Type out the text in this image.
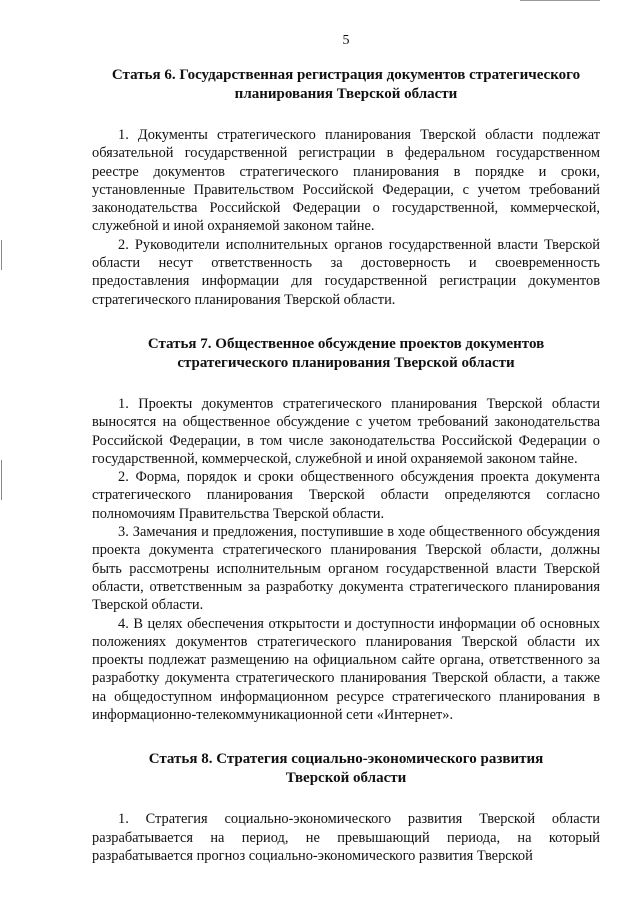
5
Статья 6. Государственная регистрация документов стратегического
планирования Тверской области

1. Документы стратегического планирования Тверской области подлежат обязательной государственной регистрации в федеральном государственном реестре документов стратегического планирования в порядке и сроки, установленные Правительством Российской Федерации, с учетом требований законодательства Российской Федерации о государственной, коммерческой, служебной и иной охраняемой законом тайне.

2. Руководители исполнительных органов государственной власти Тверской области несут ответственность за достоверность и своевременность предоставления информации для государственной регистрации документов стратегического планирования Тверской области.

Статья 7. Общественное обсуждение проектов документов
стратегического планирования Тверской области

1. Проекты документов стратегического планирования Тверской области выносятся на общественное обсуждение с учетом требований законодательства Российской Федерации, в том числе законодательства Российской Федерации о государственной, коммерческой, служебной и иной охраняемой законом тайне.

2. Форма, порядок и сроки общественного обсуждения проекта документа стратегического планирования Тверской области определяются согласно полномочиям Правительства Тверской области.

3. Замечания и предложения, поступившие в ходе общественного обсуждения проекта документа стратегического планирования Тверской области, должны быть рассмотрены исполнительным органом государственной власти Тверской области, ответственным за разработку документа стратегического планирования Тверской области.

4. В целях обеспечения открытости и доступности информации об основных положениях документов стратегического планирования Тверской области их проекты подлежат размещению на официальном сайте органа, ответственного за разработку документа стратегического планирования Тверской области, а также на общедоступном информационном ресурсе стратегического планирования в информационно-телекоммуникационной сети «Интернет».

Статья 8. Стратегия социально-экономического развития
Тверской области

1. Стратегия социально-экономического развития Тверской области разрабатывается на период, не превышающий периода, на который разрабатывается прогноз социально-экономического развития Тверской
